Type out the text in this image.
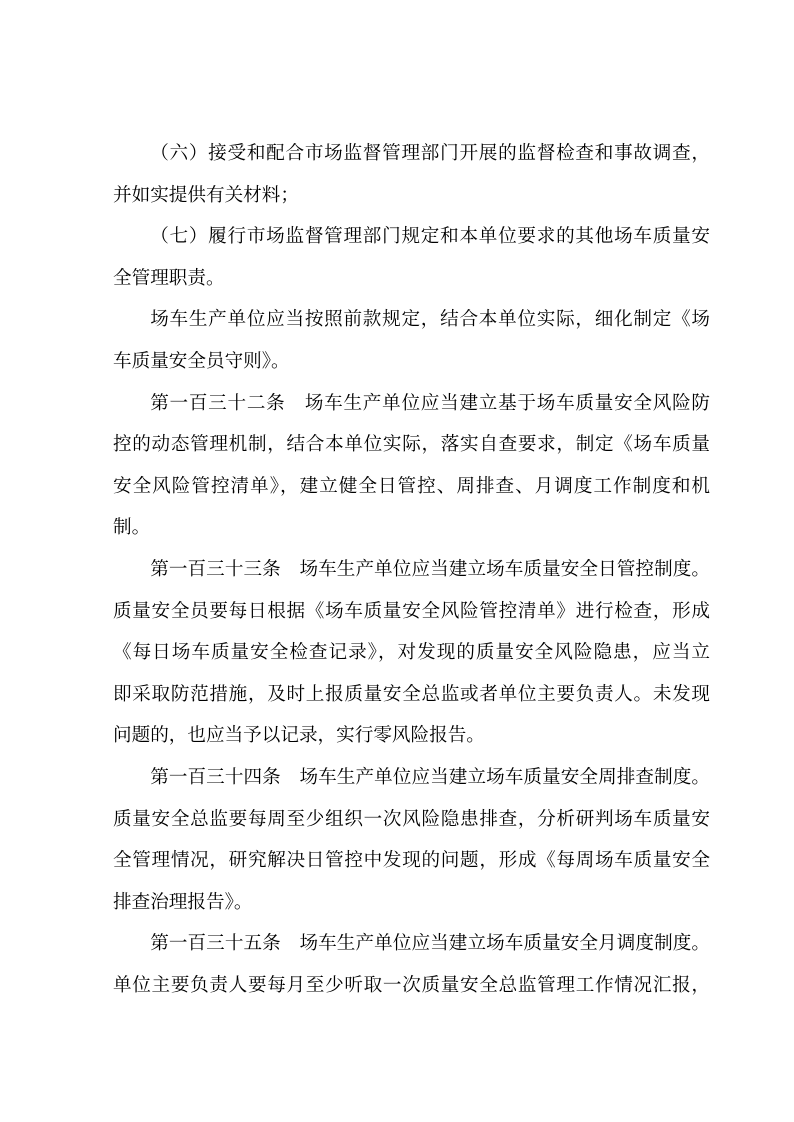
（六）接受和配合市场监督管理部门开展的监督检查和事故调查，
并如实提供有关材料；

（七）履行市场监督管理部门规定和本单位要求的其他场车质量安
全管理职责。

场车生产单位应当按照前款规定，结合本单位实际，细化制定《场
车质量安全员守则》。

第一百三十二条　场车生产单位应当建立基于场车质量安全风险防
控的动态管理机制，结合本单位实际，落实自查要求，制定《场车质量
安全风险管控清单》，建立健全日管控、周排查、月调度工作制度和机
制。

第一百三十三条　场车生产单位应当建立场车质量安全日管控制度。
质量安全员要每日根据《场车质量安全风险管控清单》进行检查，形成
《每日场车质量安全检查记录》，对发现的质量安全风险隐患，应当立
即采取防范措施，及时上报质量安全总监或者单位主要负责人。未发现
问题的，也应当予以记录，实行零风险报告。

第一百三十四条　场车生产单位应当建立场车质量安全周排查制度。
质量安全总监要每周至少组织一次风险隐患排查，分析研判场车质量安
全管理情况，研究解决日管控中发现的问题，形成《每周场车质量安全
排查治理报告》。

第一百三十五条　场车生产单位应当建立场车质量安全月调度制度。
单位主要负责人要每月至少听取一次质量安全总监管理工作情况汇报，
